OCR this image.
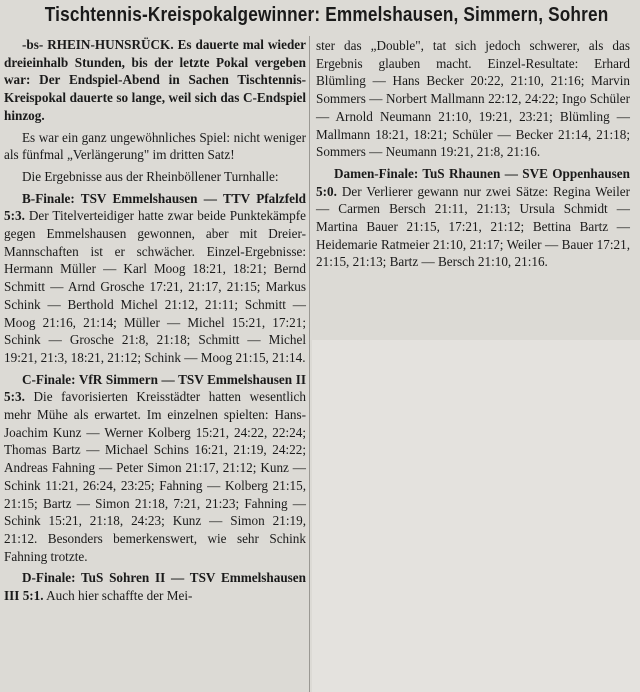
Tischtennis-Kreispokalgewinner: Emmelshausen, Simmern, Sohren

-bs- RHEIN-HUNSRÜCK. Es dauerte mal wieder dreieinhalb Stunden, bis der letzte Pokal vergeben war: Der Endspiel-Abend in Sachen Tischtennis-Kreispokal dauerte so lange, weil sich das C-Endspiel hinzog.

Es war ein ganz ungewöhnliches Spiel: nicht weniger als fünfmal „Verlängerung" im dritten Satz!

Die Ergebnisse aus der Rheinböllener Turnhalle:

B-Finale: TSV Emmelshausen — TTV Pfalzfeld 5:3. Der Titelverteidiger hatte zwar beide Punktekämpfe gegen Emmelshausen gewonnen, aber mit Dreier-Mannschaften ist er schwächer. Einzel-Ergebnisse: Hermann Müller — Karl Moog 18:21, 18:21; Bernd Schmitt — Arnd Grosche 17:21, 21:17, 21:15; Markus Schink — Berthold Michel 21:12, 21:11; Schmitt — Moog 21:16, 21:14; Müller — Michel 15:21, 17:21; Schink — Grosche 21:8, 21:18; Schmitt — Michel 19:21, 21:3, 18:21, 21:12; Schink — Moog 21:15, 21:14.

C-Finale: VfR Simmern — TSV Emmelshausen II 5:3. Die favorisierten Kreisstädter hatten wesentlich mehr Mühe als erwartet. Im einzelnen spielten: Hans-Joachim Kunz — Werner Kolberg 15:21, 24:22, 22:24; Thomas Bartz — Michael Schins 16:21, 21:19, 24:22; Andreas Fahning — Peter Simon 21:17, 21:12; Kunz — Schink 11:21, 26:24, 23:25; Fahning — Kolberg 21:15, 21:15; Bartz — Simon 21:18, 7:21, 21:23; Fahning — Schink 15:21, 21:18, 24:23; Kunz — Simon 21:19, 21:12. Besonders bemerkenswert, wie sehr Schink Fahning trotzte.

D-Finale: TuS Sohren II — TSV Emmelshausen III 5:1. Auch hier schaffte der Mei-

ster das „Double", tat sich jedoch schwerer, als das Ergebnis glauben macht. Einzel-Resultate: Erhard Blümling — Hans Becker 20:22, 21:10, 21:16; Marvin Sommers — Norbert Mallmann 22:12, 24:22; Ingo Schüler — Arnold Neumann 21:10, 19:21, 23:21; Blümling — Mallmann 18:21, 18:21; Schüler — Becker 21:14, 21:18; Sommers — Neumann 19:21, 21:8, 21:16.

Damen-Finale: TuS Rhaunen — SVE Oppenhausen 5:0. Der Verlierer gewann nur zwei Sätze: Regina Weiler — Carmen Bersch 21:11, 21:13; Ursula Schmidt — Martina Bauer 21:15, 17:21, 21:12; Bettina Bartz — Heidemarie Ratmeier 21:10, 21:17; Weiler — Bauer 17:21, 21:15, 21:13; Bartz — Bersch 21:10, 21:16.
